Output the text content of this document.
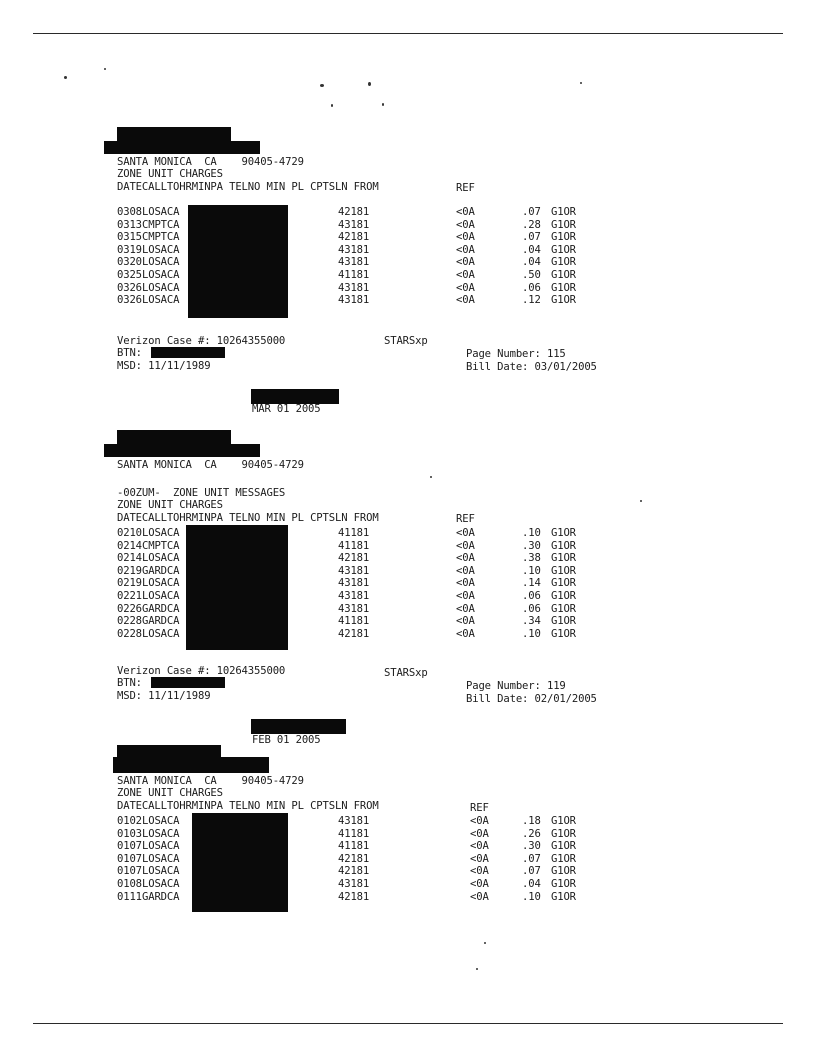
SANTA MONICA  CA    90405-4729
ZONE UNIT CHARGES
DATECALLTOHRMINPA TELNO MIN PL CPTSLN FROM	REF
0308 LOSACA	42181	<0A	.07 G1OR
0313 CMPTCA	43181	<0A	.28 G1OR
0315 CMPTCA	42181	<0A	.07 G1OR
0319 LOSACA	43181	<0A	.04 G1OR
0320 LOSACA	43181	<0A	.04 G1OR
0325 LOSACA	41181	<0A	.50 G1OR
0326 LOSACA	43181	<0A	.06 G1OR
0326 LOSACA	43181	<0A	.12 G1OR
Verizon Case #: 10264355000	STARSxp
BTN:
MSD: 11/11/1989
Page Number: 115
Bill Date: 03/01/2005
MAR 01 2005
SANTA MONICA  CA    90405-4729
-00ZUM-  ZONE UNIT MESSAGES
ZONE UNIT CHARGES
DATECALLTOHRMINPA TELNO MIN PL CPTSLN FROM	REF
0210 LOSACA	41181	<0A	.10 G1OR
0214 CMPTCA	41181	<0A	.30 G1OR
0214 LOSACA	42181	<0A	.38 G1OR
0219 GARDCA	43181	<0A	.10 G1OR
0219 LOSACA	43181	<0A	.14 G1OR
0221 LOSACA	43181	<0A	.06 G1OR
0226 GARDCA	43181	<0A	.06 G1OR
0228 GARDCA	41181	<0A	.34 G1OR
0228 LOSACA	42181	<0A	.10 G1OR
Verizon Case #: 10264355000	STARSxp
BTN:
MSD: 11/11/1989
Page Number: 119
Bill Date: 02/01/2005
FEB 01 2005
SANTA MONICA  CA    90405-4729
ZONE UNIT CHARGES
DATECALLTOHRMINPA TELNO MIN PL CPTSLN FROM	REF
0102 LOSACA	43181	<0A	.18 G1OR
0103 LOSACA	41181	<0A	.26 G1OR
0107 LOSACA	41181	<0A	.30 G1OR
0107 LOSACA	42181	<0A	.07 G1OR
0107 LOSACA	42181	<0A	.07 G1OR
0108 LOSACA	43181	<0A	.04 G1OR
0111 GARDCA	42181	<0A	.10 G1OR
